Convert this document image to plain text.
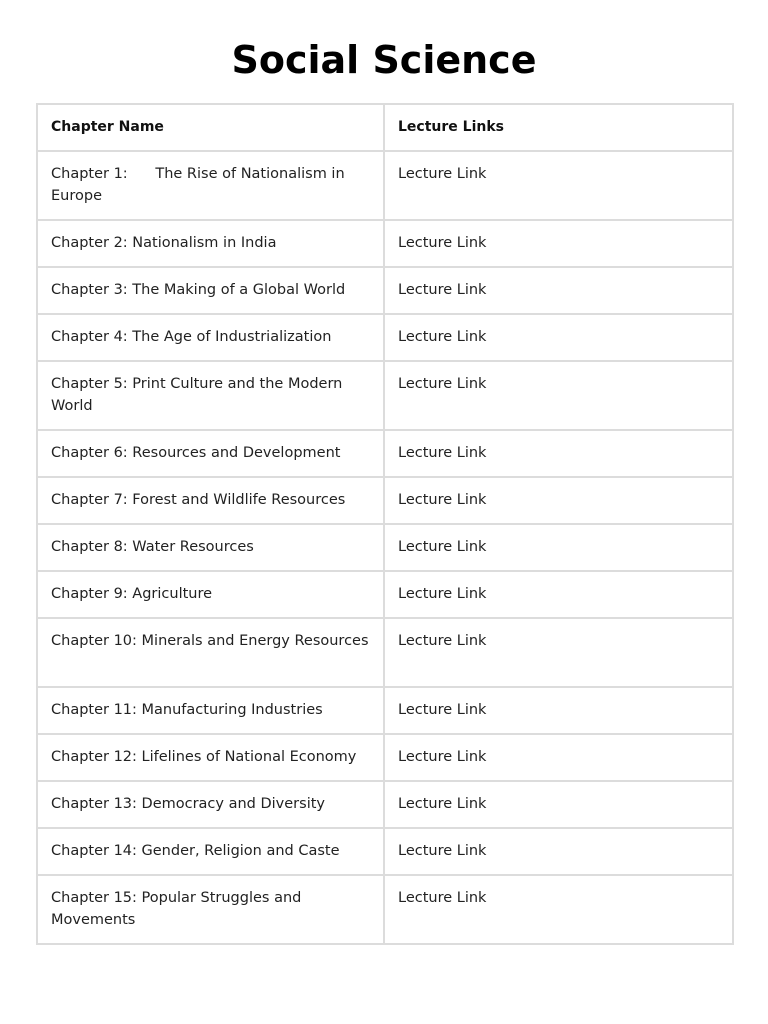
Social Science
Chapter Name	Lecture Links
Chapter 1:      The Rise of Nationalism in Europe	Lecture Link
Chapter 2: Nationalism in India	Lecture Link
Chapter 3: The Making of a Global World	Lecture Link
Chapter 4: The Age of Industrialization	Lecture Link
Chapter 5: Print Culture and the Modern World	Lecture Link
Chapter 6: Resources and Development	Lecture Link
Chapter 7: Forest and Wildlife Resources	Lecture Link
Chapter 8: Water Resources	Lecture Link
Chapter 9: Agriculture	Lecture Link
Chapter 10: Minerals and Energy Resources	Lecture Link
Chapter 11: Manufacturing Industries	Lecture Link
Chapter 12: Lifelines of National Economy	Lecture Link
Chapter 13: Democracy and Diversity	Lecture Link
Chapter 14: Gender, Religion and Caste	Lecture Link
Chapter 15: Popular Struggles and Movements	Lecture Link
